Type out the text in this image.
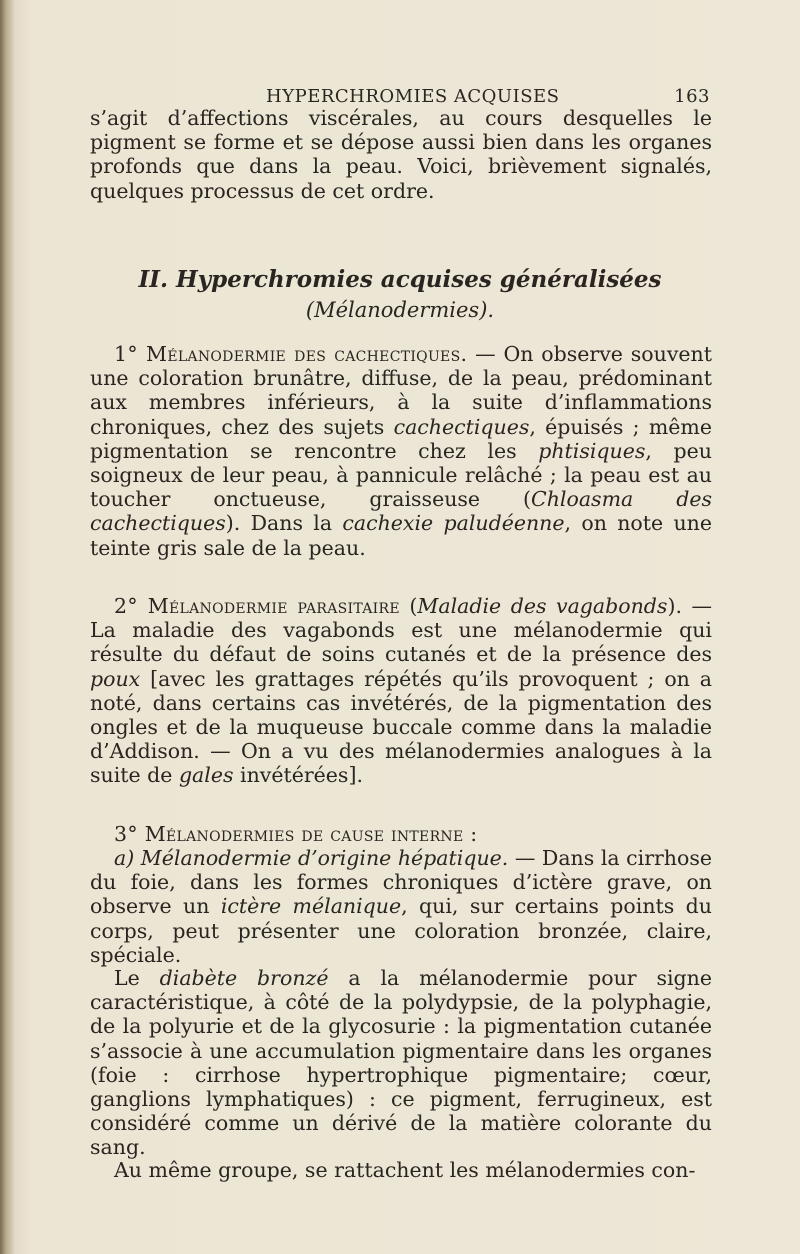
HYPERCHROMIES ACQUISES	163

s’agit d’affections viscérales, au cours desquelles le pigment se forme et se dépose aussi bien dans les organes profonds que dans la peau. Voici, brièvement signalés, quelques processus de cet ordre.

II. Hyperchromies acquises généralisées
(Mélanodermies).

1° Mélanodermie des cachectiques. — On observe souvent une coloration brunâtre, diffuse, de la peau, prédominant aux membres inférieurs, à la suite d’inflammations chroniques, chez des sujets cachectiques, épuisés ; même pigmentation se rencontre chez les phtisiques, peu soigneux de leur peau, à pannicule relâché ; la peau est au toucher onctueuse, graisseuse (Chloasma des cachectiques). Dans la cachexie paludéenne, on note une teinte gris sale de la peau.

2° Mélanodermie parasitaire (Maladie des vagabonds). — La maladie des vagabonds est une mélanodermie qui résulte du défaut de soins cutanés et de la présence des poux [avec les grattages répétés qu’ils provoquent ; on a noté, dans certains cas invétérés, de la pigmentation des ongles et de la muqueuse buccale comme dans la maladie d’Addison. — On a vu des mélanodermies analogues à la suite de gales invétérées].

3° Mélanodermies de cause interne :

a) Mélanodermie d’origine hépatique. — Dans la cirrhose du foie, dans les formes chroniques d’ictère grave, on observe un ictère mélanique, qui, sur certains points du corps, peut présenter une coloration bronzée, claire, spéciale.

Le diabète bronzé a la mélanodermie pour signe caractéristique, à côté de la polydypsie, de la polyphagie, de la polyurie et de la glycosurie : la pigmentation cutanée s’associe à une accumulation pigmentaire dans les organes (foie : cirrhose hypertrophique pigmentaire; cœur, ganglions lymphatiques) : ce pigment, ferrugineux, est considéré comme un dérivé de la matière colorante du sang.

Au même groupe, se rattachent les mélanodermies con-
